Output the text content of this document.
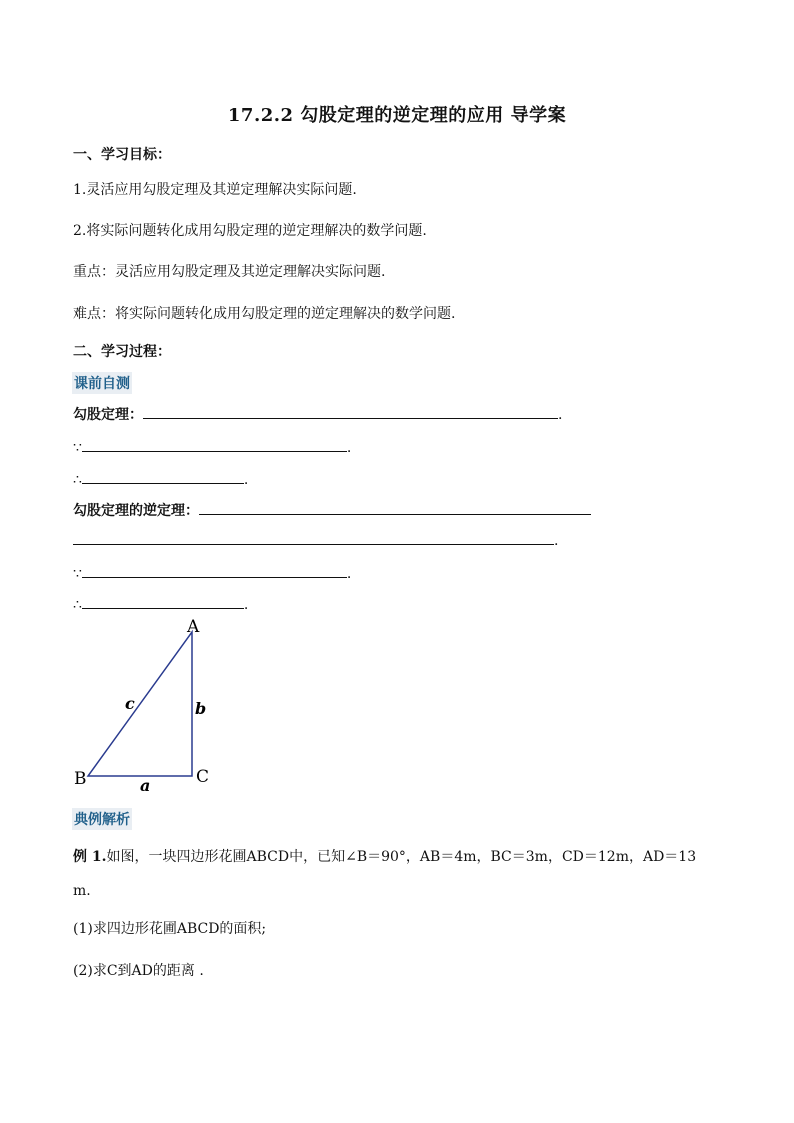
17.2.2 勾股定理的逆定理的应用 导学案
一、学习目标：
1.灵活应用勾股定理及其逆定理解决实际问题.
2.将实际问题转化成用勾股定理的逆定理解决的数学问题.
重点：灵活应用勾股定理及其逆定理解决实际问题.
难点：将实际问题转化成用勾股定理的逆定理解决的数学问题.
二、学习过程：
课前自测
勾股定理：	.
∵	.
∴	.
勾股定理的逆定理：
.
∵	.
∴	.
A
B	C
a
b
c
典例解析
例 1.如图，一块四边形花圃ABCD中，已知∠B＝90°，AB＝4m，BC＝3m，CD＝12m，AD＝13
m.
(1)求四边形花圃ABCD的面积;
(2)求C到AD的距离 .
